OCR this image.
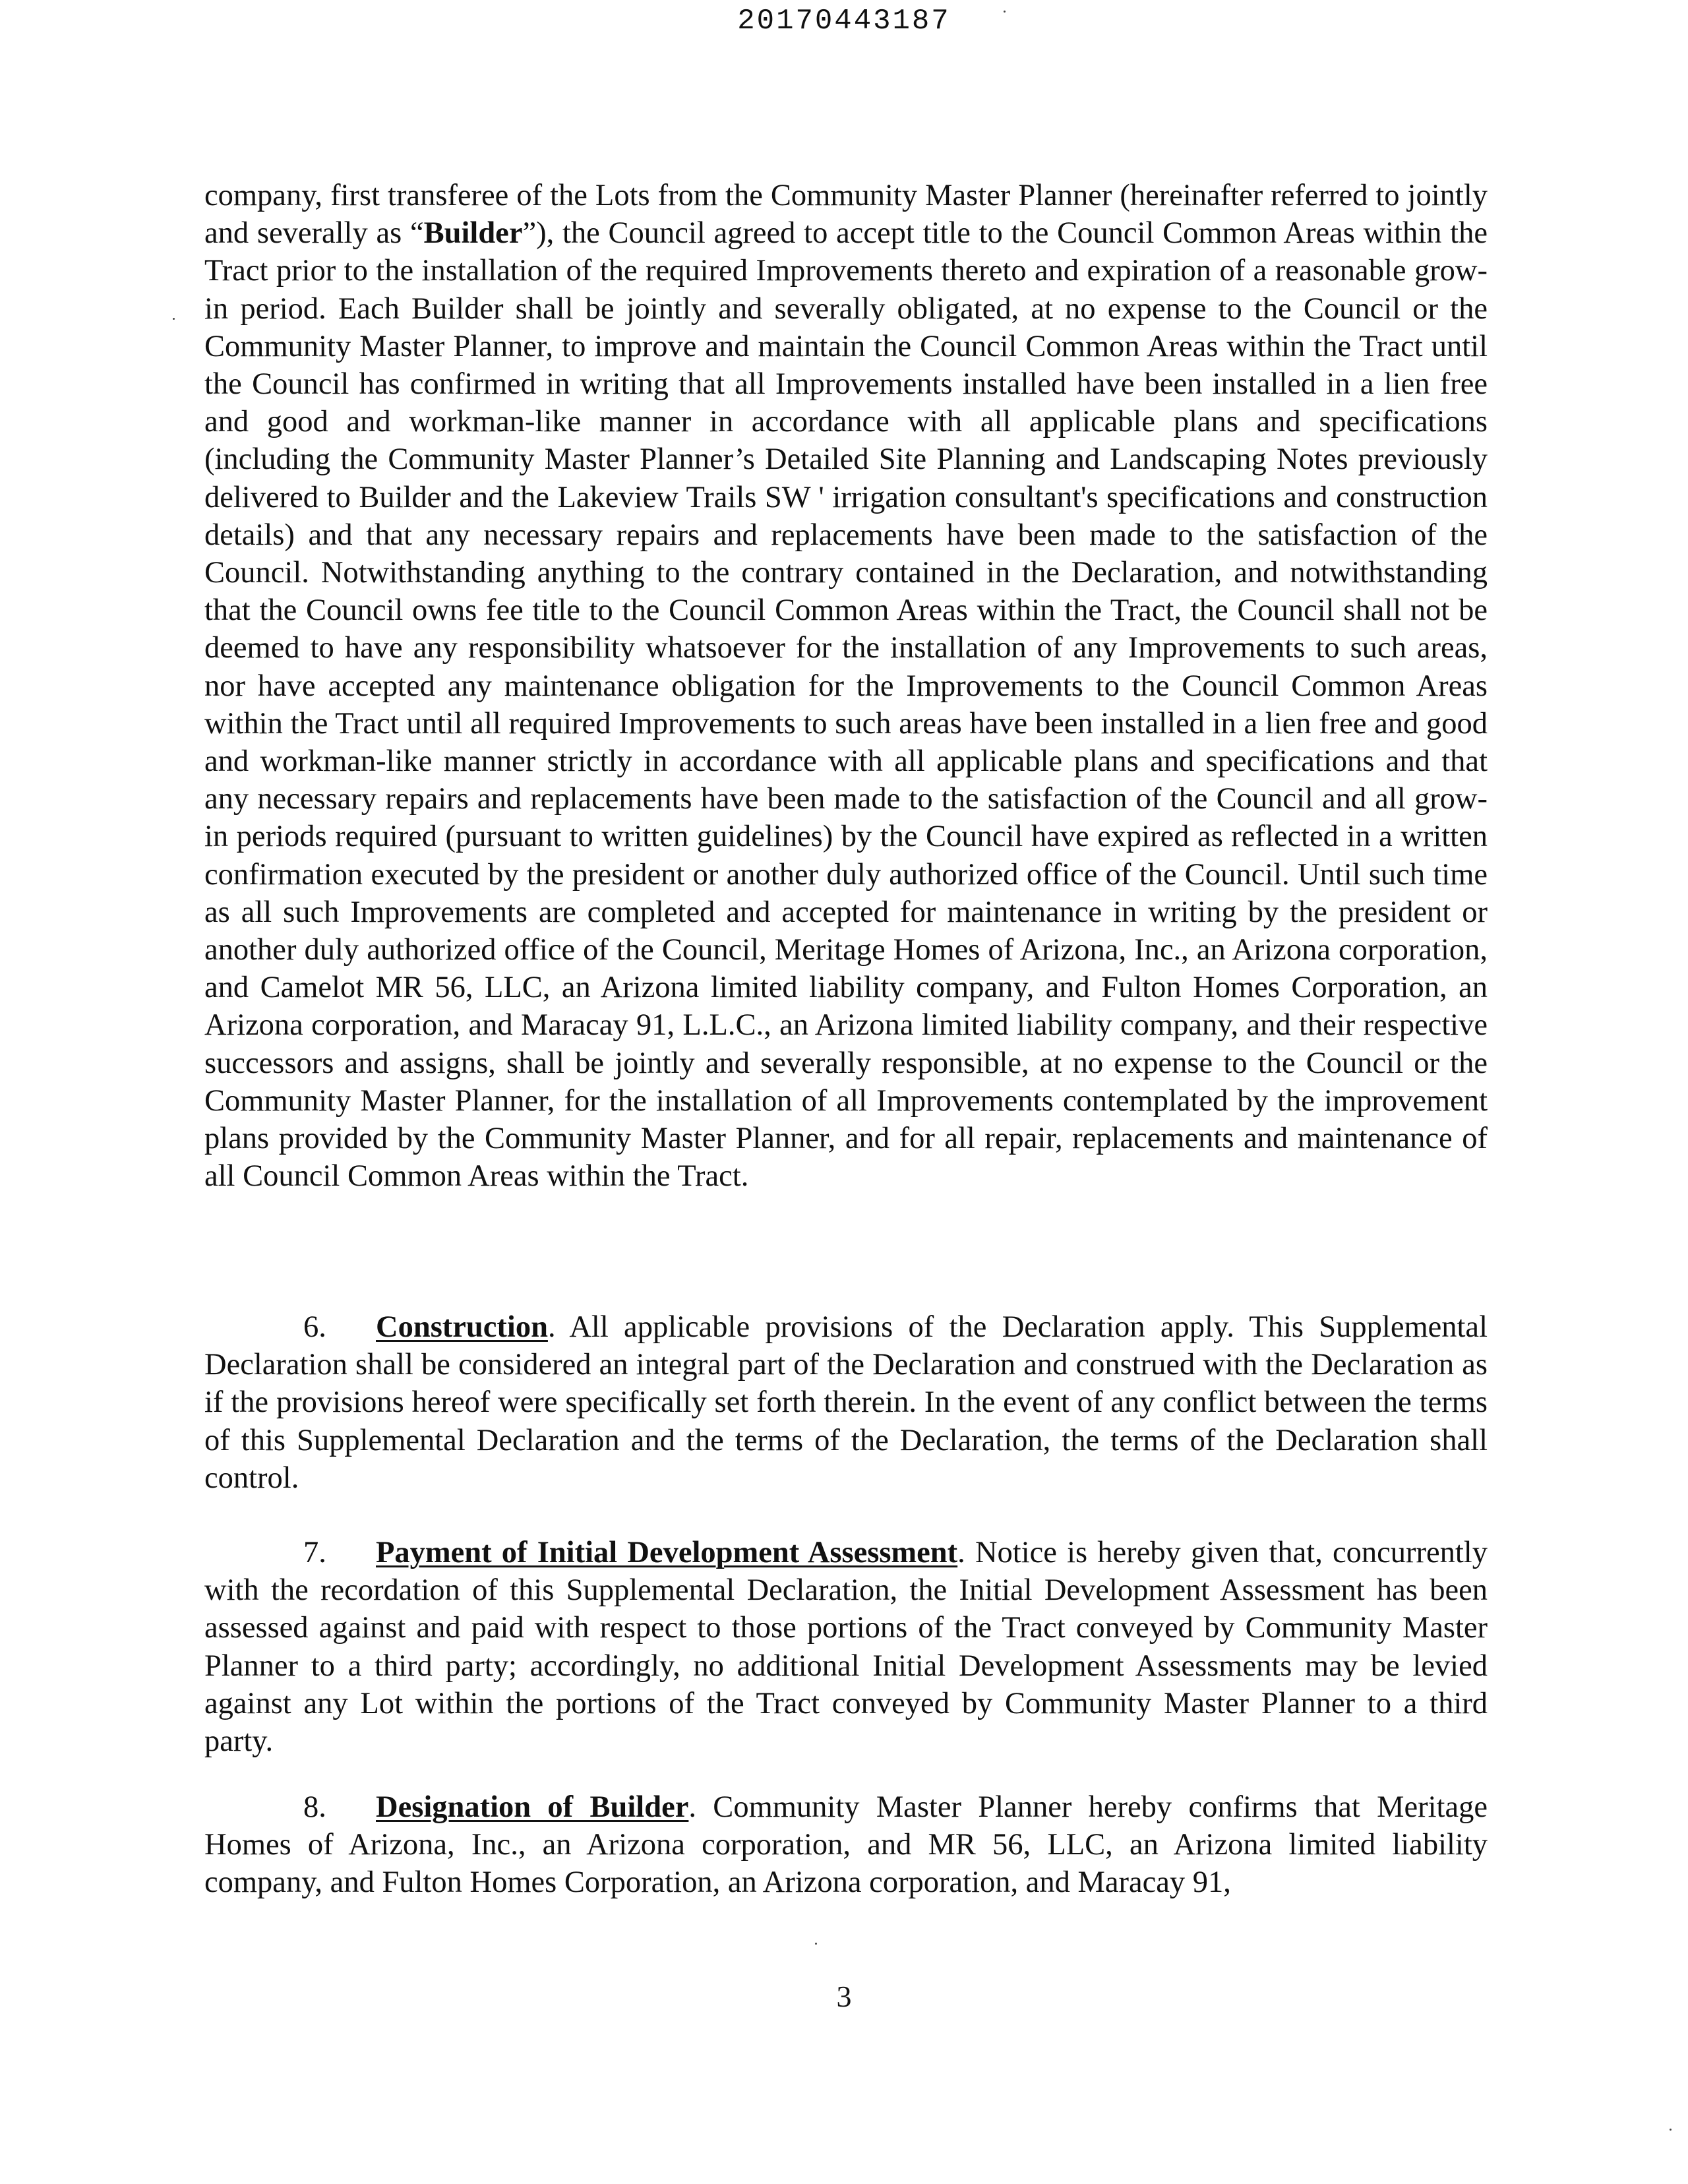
20170443187

company, first transferee of the Lots from the Community Master Planner (hereinafter referred to jointly and severally as “Builder”), the Council agreed to accept title to the Council Common Areas within the Tract prior to the installation of the required Improvements thereto and expiration of a reasonable grow-in period. Each Builder shall be jointly and severally obligated, at no expense to the Council or the Community Master Planner, to improve and maintain the Council Common Areas within the Tract until the Council has confirmed in writing that all Improvements installed have been installed in a lien free and good and workman-like manner in accordance with all applicable plans and specifications (including the Community Master Planner’s Detailed Site Planning and Landscaping Notes previously delivered to Builder and the Lakeview Trails SW ' irrigation consultant's specifications and construction details) and that any necessary repairs and replacements have been made to the satisfaction of the Council. Notwithstanding anything to the contrary contained in the Declaration, and notwithstanding that the Council owns fee title to the Council Common Areas within the Tract, the Council shall not be deemed to have any responsibility whatsoever for the installation of any Improvements to such areas, nor have accepted any maintenance obligation for the Improvements to the Council Common Areas within the Tract until all required Improvements to such areas have been installed in a lien free and good and workman-like manner strictly in accordance with all applicable plans and specifications and that any necessary repairs and replacements have been made to the satisfaction of the Council and all grow-in periods required (pursuant to written guidelines) by the Council have expired as reflected in a written confirmation executed by the president or another duly authorized office of the Council. Until such time as all such Improvements are completed and accepted for maintenance in writing by the president or another duly authorized office of the Council, Meritage Homes of Arizona, Inc., an Arizona corporation, and Camelot MR 56, LLC, an Arizona limited liability company, and Fulton Homes Corporation, an Arizona corporation, and Maracay 91, L.L.C., an Arizona limited liability company, and their respective successors and assigns, shall be jointly and severally responsible, at no expense to the Council or the Community Master Planner, for the installation of all Improvements contemplated by the improvement plans provided by the Community Master Planner, and for all repair, replacements and maintenance of all Council Common Areas within the Tract.

6. Construction. All applicable provisions of the Declaration apply. This Supplemental Declaration shall be considered an integral part of the Declaration and construed with the Declaration as if the provisions hereof were specifically set forth therein. In the event of any conflict between the terms of this Supplemental Declaration and the terms of the Declaration, the terms of the Declaration shall control.

7. Payment of Initial Development Assessment. Notice is hereby given that, concurrently with the recordation of this Supplemental Declaration, the Initial Development Assessment has been assessed against and paid with respect to those portions of the Tract conveyed by Community Master Planner to a third party; accordingly, no additional Initial Development Assessments may be levied against any Lot within the portions of the Tract conveyed by Community Master Planner to a third party.

8. Designation of Builder. Community Master Planner hereby confirms that Meritage Homes of Arizona, Inc., an Arizona corporation, and MR 56, LLC, an Arizona limited liability company, and Fulton Homes Corporation, an Arizona corporation, and Maracay 91,

3
